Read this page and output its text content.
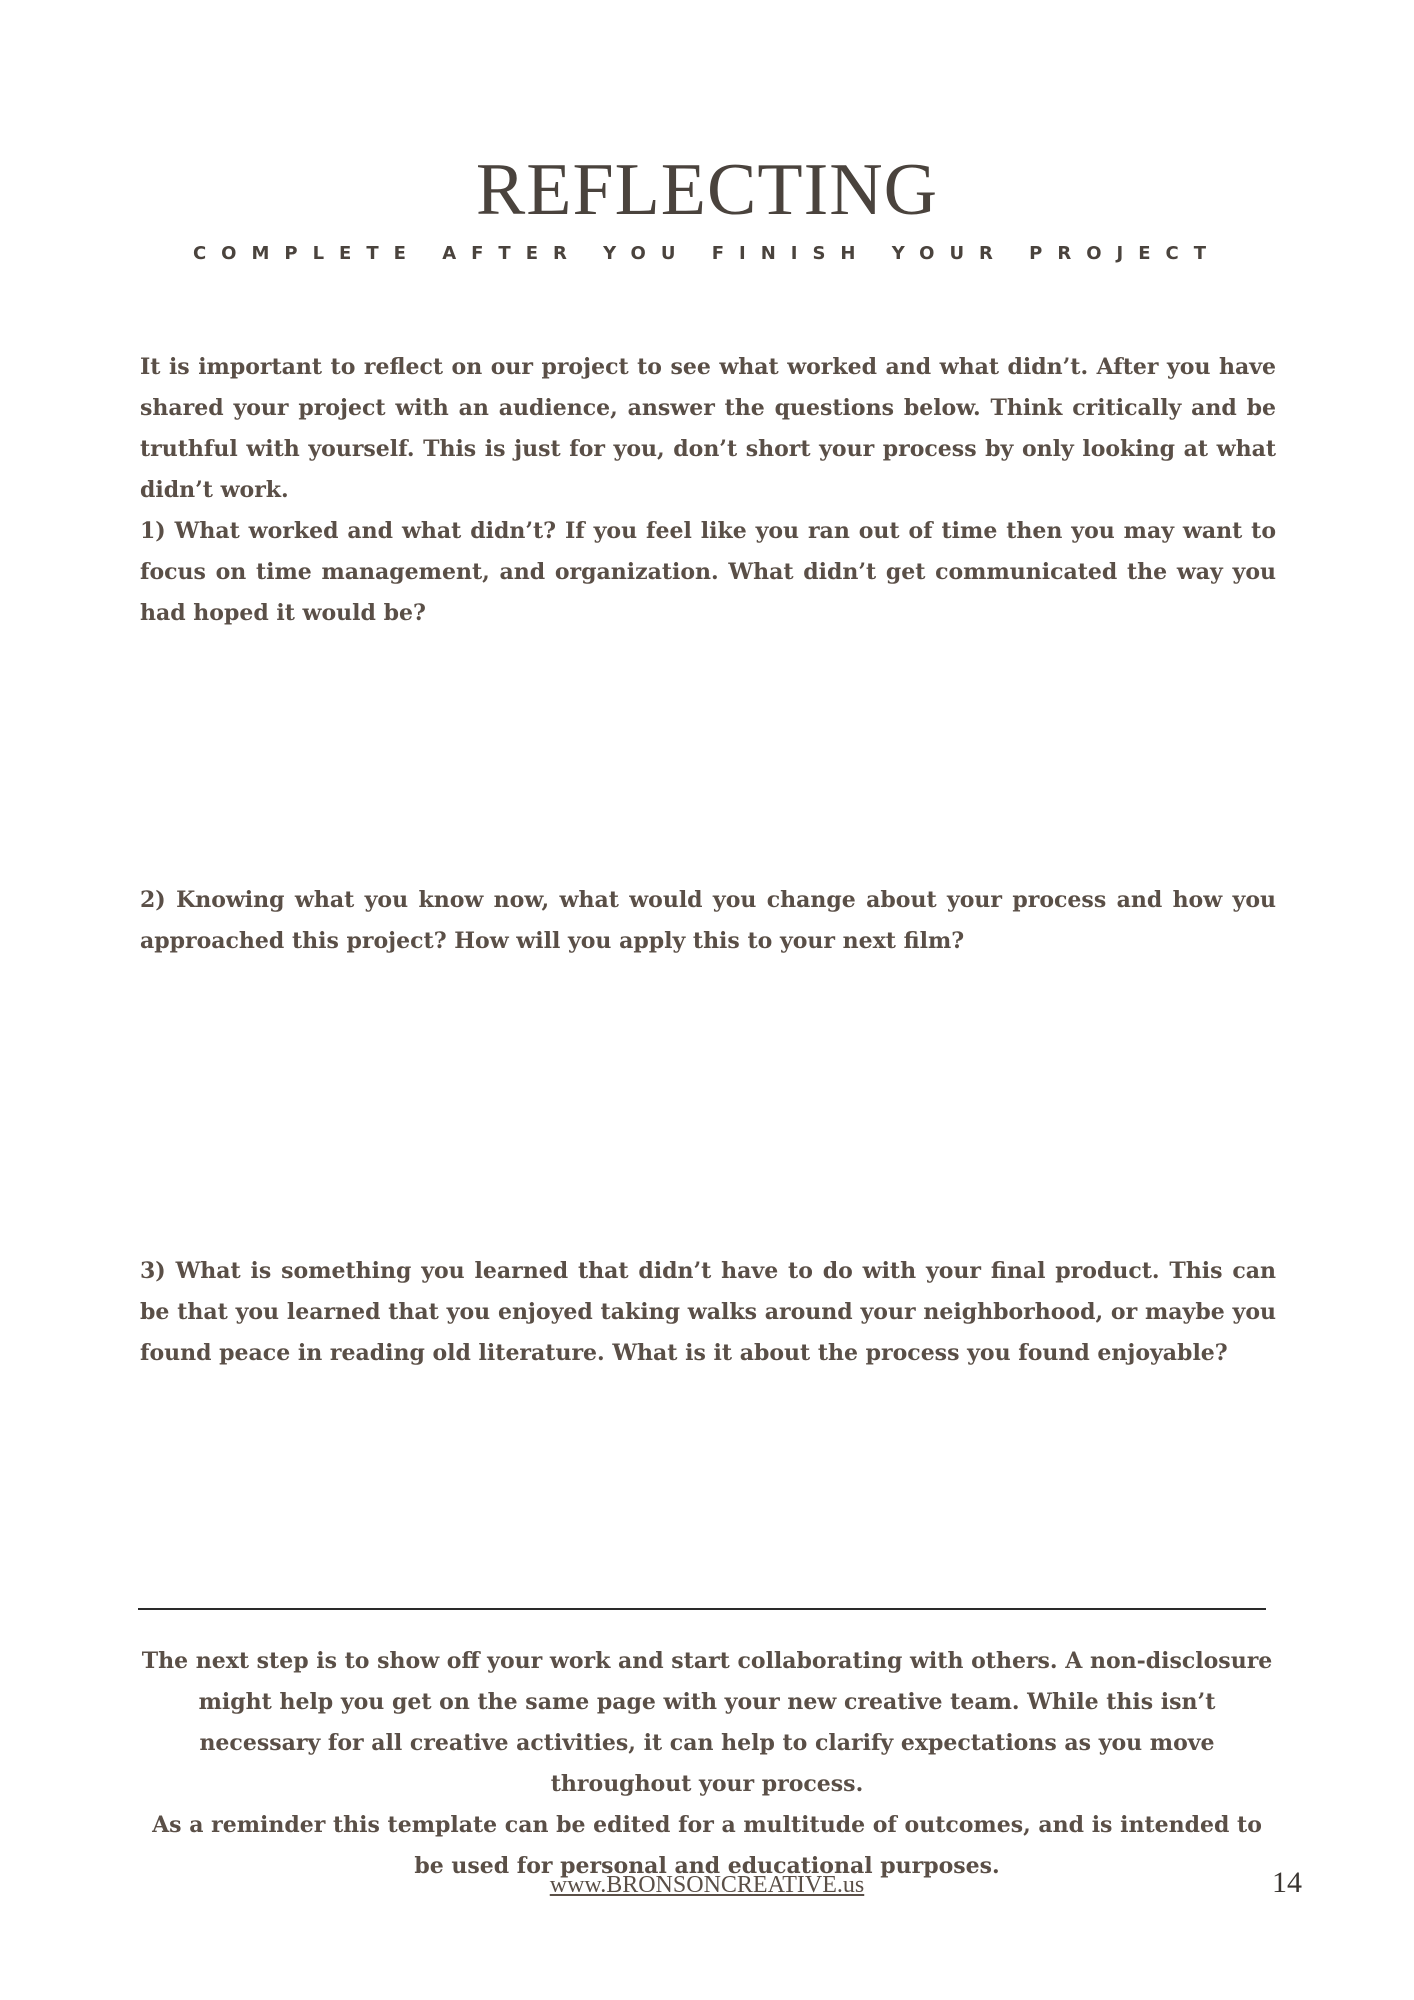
REFLECTING
COMPLETE AFTER YOU FINISH YOUR PROJECT

It is important to reflect on our project to see what worked and what didn’t. After you have shared your project with an audience, answer the questions below. Think critically and be truthful with yourself. This is just for you, don’t short your process by only looking at what didn’t work.

1) What worked and what didn’t? If you feel like you ran out of time then you may want to focus on time management, and organization. What didn’t get communicated the way you had hoped it would be?

2) Knowing what you know now, what would you change about your process and how you approached this project? How will you apply this to your next film?

3) What is something you learned that didn’t have to do with your final product. This can be that you learned that you enjoyed taking walks around your neighborhood, or maybe you found peace in reading old literature. What is it about the process you found enjoyable?

The next step is to show off your work and start collaborating with others. A non-disclosure might help you get on the same page with your new creative team. While this isn’t necessary for all creative activities, it can help to clarify expectations as you move throughout your process.
As a reminder this template can be edited for a multitude of outcomes, and is intended to be used for personal and educational purposes.
www.BRONSONCREATIVE.us	14
